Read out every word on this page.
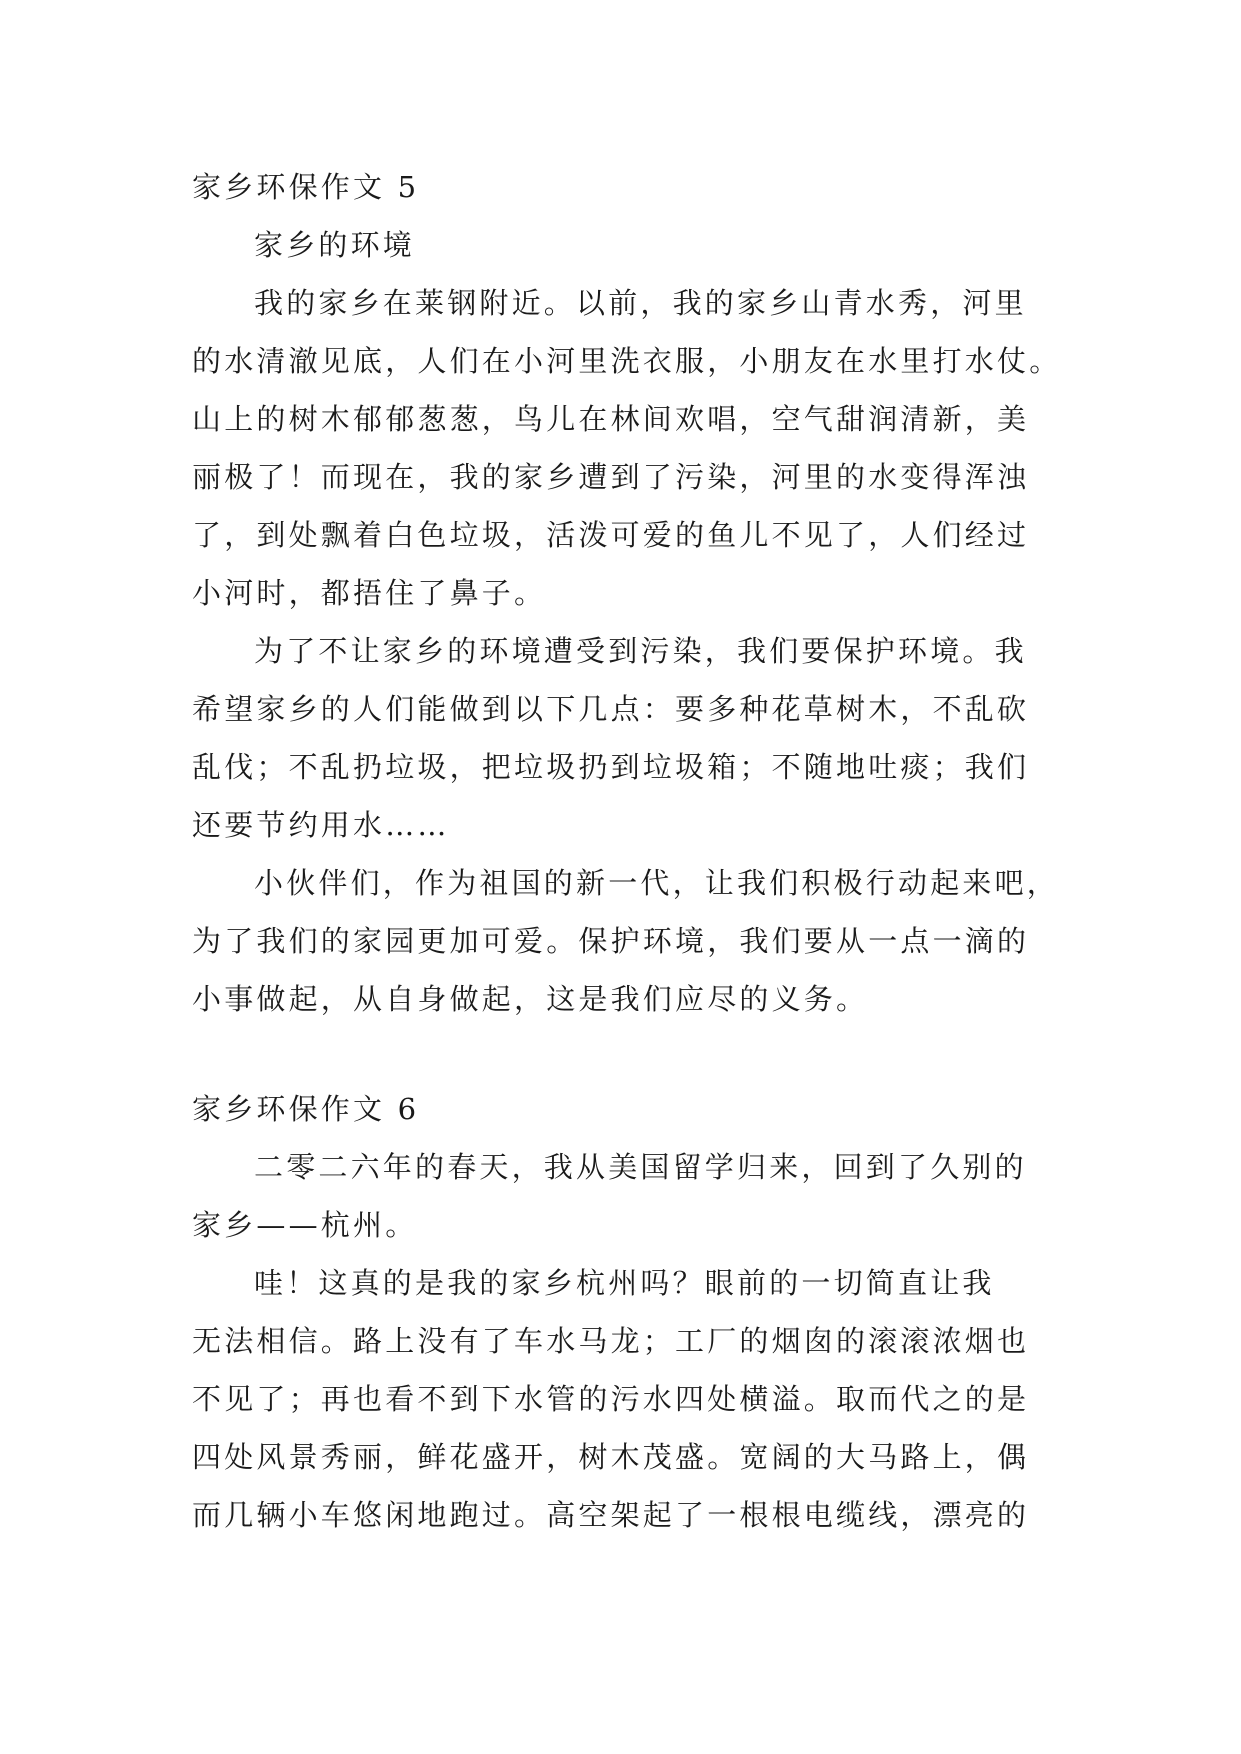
家乡环保作文 5
家乡的环境
我的家乡在莱钢附近。以前，我的家乡山青水秀，河里
的水清澈见底，人们在小河里洗衣服，小朋友在水里打水仗。
山上的树木郁郁葱葱，鸟儿在林间欢唱，空气甜润清新，美
丽极了！而现在，我的家乡遭到了污染，河里的水变得浑浊
了，到处飘着白色垃圾，活泼可爱的鱼儿不见了，人们经过
小河时，都捂住了鼻子。
为了不让家乡的环境遭受到污染，我们要保护环境。我
希望家乡的人们能做到以下几点：要多种花草树木，不乱砍
乱伐；不乱扔垃圾，把垃圾扔到垃圾箱；不随地吐痰；我们
还要节约用水……
小伙伴们，作为祖国的新一代，让我们积极行动起来吧，
为了我们的家园更加可爱。保护环境，我们要从一点一滴的
小事做起，从自身做起，这是我们应尽的义务。
家乡环保作文 6
二零二六年的春天，我从美国留学归来，回到了久别的
家乡——杭州。
哇！这真的是我的家乡杭州吗？眼前的一切简直让我
无法相信。路上没有了车水马龙；工厂的烟囱的滚滚浓烟也
不见了；再也看不到下水管的污水四处横溢。取而代之的是
四处风景秀丽，鲜花盛开，树木茂盛。宽阔的大马路上，偶
而几辆小车悠闲地跑过。高空架起了一根根电缆线，漂亮的
